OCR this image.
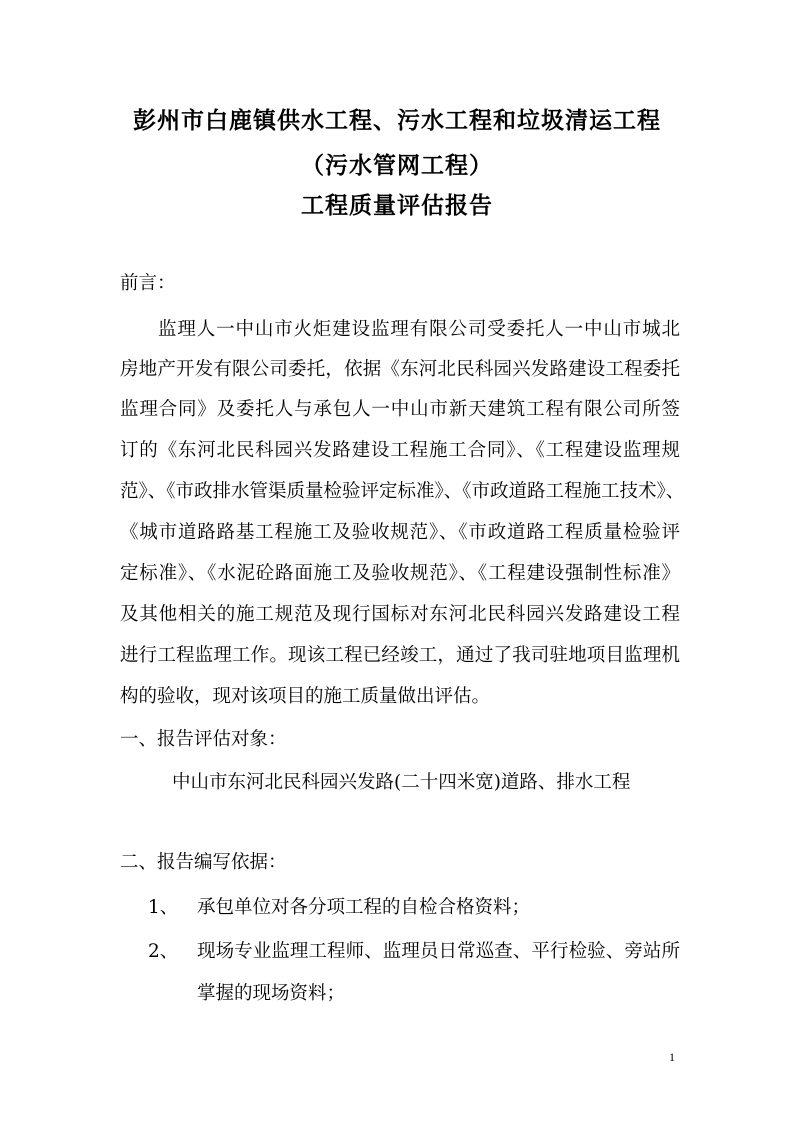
彭州市白鹿镇供水工程、污水工程和垃圾清运工程
（污水管网工程）
工程质量评估报告
前言：
监理人一中山市火炬建设监理有限公司受委托人一中山市城北
房地产开发有限公司委托，依据《东河北民科园兴发路建设工程委托
监理合同》及委托人与承包人一中山市新天建筑工程有限公司所签
订的《东河北民科园兴发路建设工程施工合同》、《工程建设监理规
范》、《市政排水管渠质量检验评定标准》、《市政道路工程施工技术》、
《城市道路路基工程施工及验收规范》、《市政道路工程质量检验评
定标准》、《水泥砼路面施工及验收规范》、《工程建设强制性标准》
及其他相关的施工规范及现行国标对东河北民科园兴发路建设工程
进行工程监理工作。现该工程已经竣工，通过了我司驻地项目监理机
构的验收，现对该项目的施工质量做出评估。
一、报告评估对象：
中山市东河北民科园兴发路(二十四米宽)道路、排水工程
二、报告编写依据：
1、 承包单位对各分项工程的自检合格资料；
2、 现场专业监理工程师、监理员日常巡查、平行检验、旁站所
掌握的现场资料；
1
